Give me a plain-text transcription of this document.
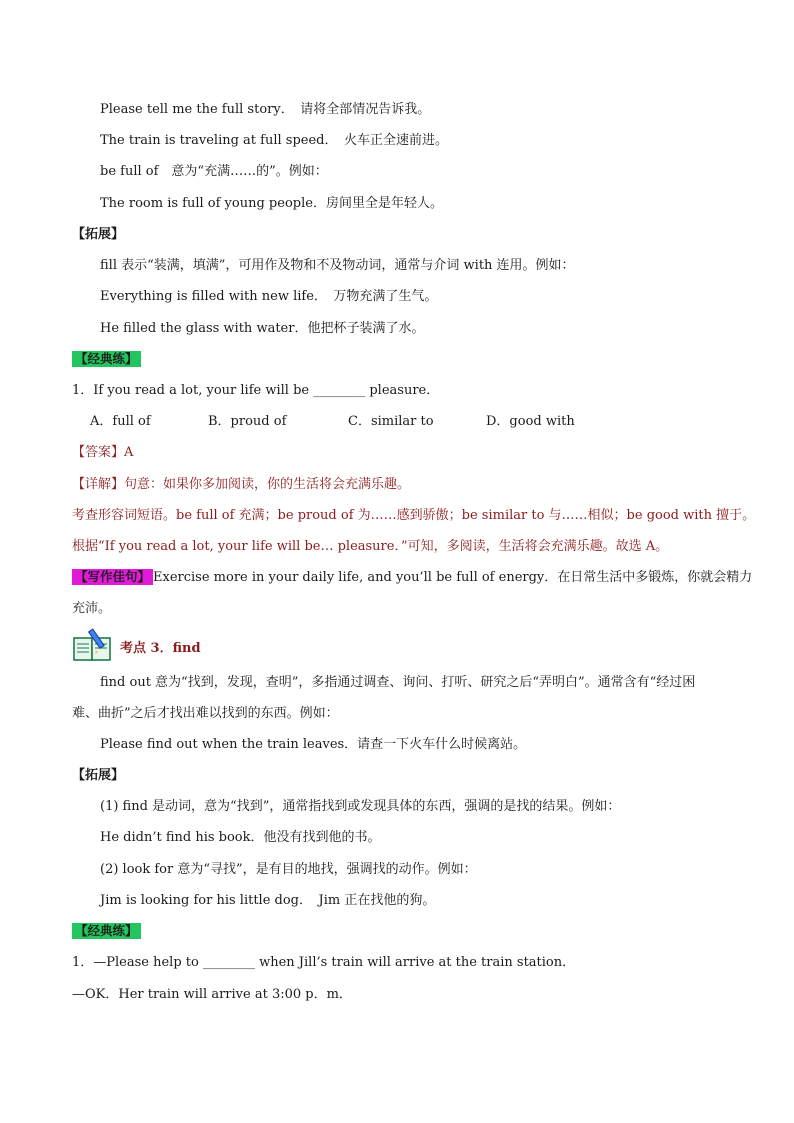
Please tell me the full story．　请将全部情况告诉我。
The train is traveling at full speed．　火车正全速前进。
be full of　意为“充满……的”。例如：
The room is full of young people．房间里全是年轻人。
【拓展】
fill 表示“装满，填满”，可用作及物和不及物动词，通常与介词 with 连用。例如：
Everything is filled with new life．　万物充满了生气。
He filled the glass with water．他把杯子装满了水。
【经典练】
1．If you read a lot, your life will be ________ pleasure．
A．full of	B．proud of	C．similar to	D．good with
【答案】A
【详解】句意：如果你多加阅读，你的生活将会充满乐趣。
考查形容词短语。be full of 充满；be proud of 为……感到骄傲；be similar to 与……相似；be good with 擅于。
根据“If you read a lot, your life will be… pleasure．”可知，多阅读，生活将会充满乐趣。故选 A。
【写作佳句】 Exercise more in your daily life, and you’ll be full of energy．在日常生活中多锻炼，你就会精力
充沛。
考点 3．find
find out 意为“找到，发现，查明”，多指通过调查、询问、打听、研究之后“弄明白”。通常含有“经过困
难、曲折”之后才找出难以找到的东西。例如：
Please find out when the train leaves．请查一下火车什么时候离站。
【拓展】
(1) find 是动词，意为“找到”，通常指找到或发现具体的东西，强调的是找的结果。例如：
He didn’t find his book．他没有找到他的书。
(2) look for 意为“寻找”，是有目的地找，强调找的动作。例如：
Jim is looking for his little dog．　Jim 正在找他的狗。
【经典练】
1．—Please help to ________ when Jill’s train will arrive at the train station．
—OK．Her train will arrive at 3:00 p．m．
